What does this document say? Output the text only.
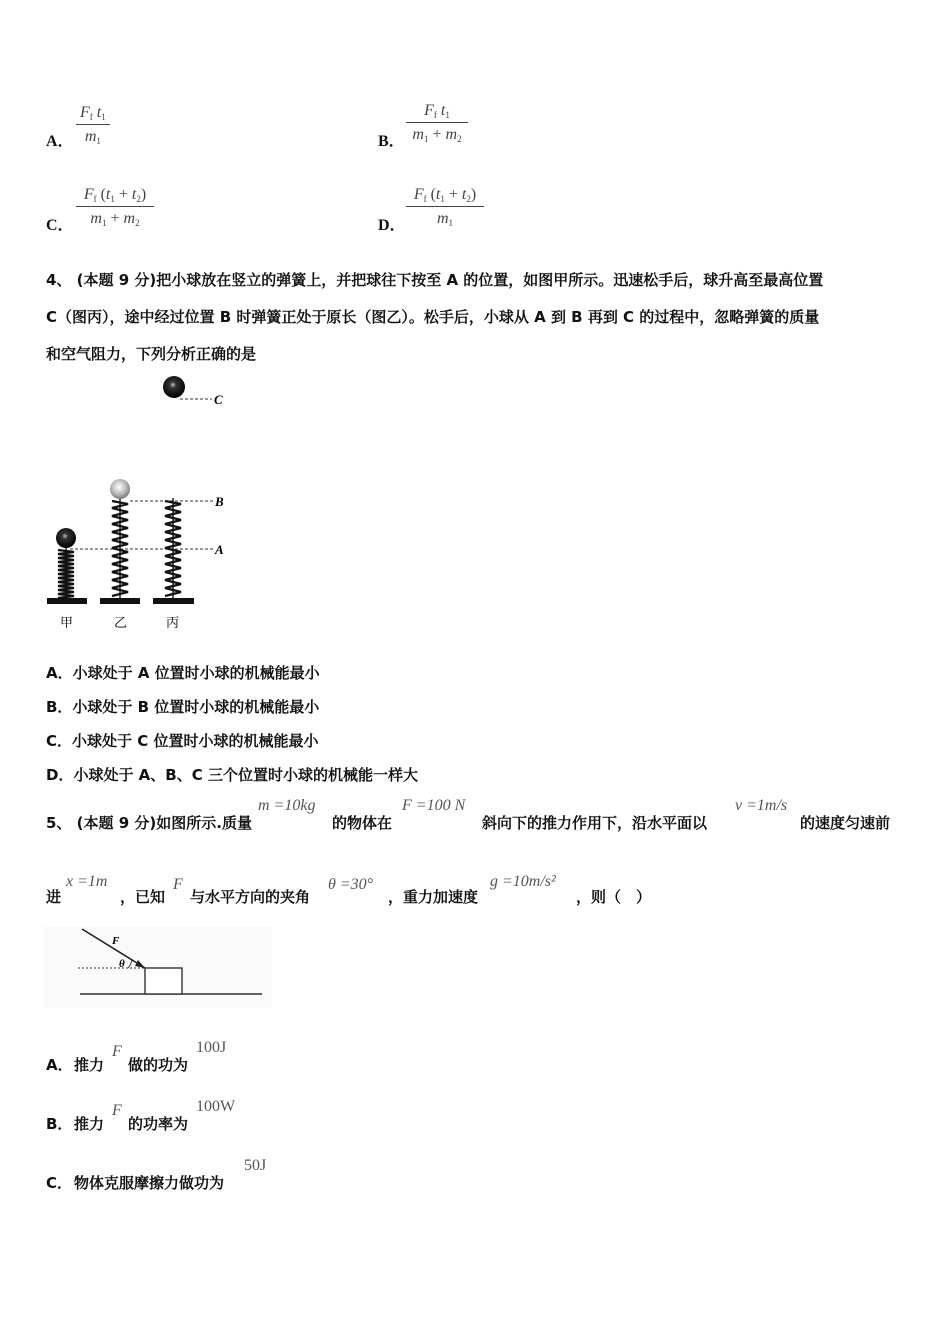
A．
$F_f$ $t_1$
$m_1$	B．
$F_f$ $t_1$
$m_1 + m_2$
C．
$F_f$ $(t_1 + t_2)$
$m_1 + m_2$	D．
$F_f$ $(t_1 + t_2)$
$m_1$
4、 (本题 9 分)把小球放在竖立的弹簧上，并把球往下按至 A 的位置，如图甲所示。迅速松手后，球升高至最高位置
C（图丙），途中经过位置 B 时弹簧正处于原长（图乙）。松手后，小球从 A 到 B 再到 C 的过程中，忽略弹簧的质量
和空气阻力，下列分析正确的是
C
B
A
甲	乙	丙
A．小球处于 A 位置时小球的机械能最小
B．小球处于 B 位置时小球的机械能最小
C．小球处于 C 位置时小球的机械能最小
D．小球处于 A、B、C 三个位置时小球的机械能一样大
5、 (本题 9 分)如图所示.质量
m =10kg
的物体在
F =100 N
斜向下的推力作用下，沿水平面以
v =1m/s
的速度匀速前
进
x =1m
，已知
F
与水平方向的夹角
θ =30°
，重力加速度
g =10m/s²
，则（　）
F
θ
A． 推力
F
做的功为
100J
B． 推力
F
的功率为
100W
C． 物体克服摩擦力做功为
50J
